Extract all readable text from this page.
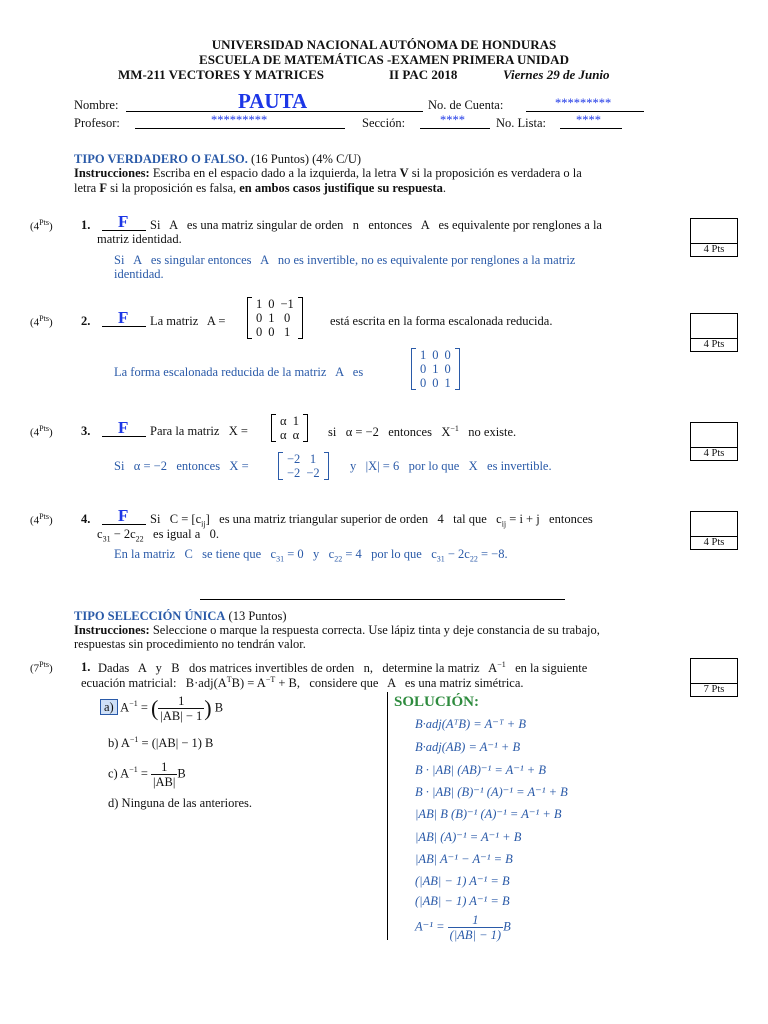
UNIVERSIDAD NACIONAL AUTÓNOMA DE HONDURAS
ESCUELA DE MATEMÁTICAS -EXAMEN PRIMERA UNIDAD
MM-211 VECTORES Y MATRICES	II PAC 2018	Viernes 29 de Junio
Nombre:	PAUTA	No. de Cuenta:	*********
Profesor:	*********	Sección:	**** No. Lista: ****
TIPO VERDADERO O FALSO. (16 Puntos) (4% C/U)
Instrucciones: Escriba en el espacio dado a la izquierda, la letra V si la proposición es verdadera o la
letra F si la proposición es falsa, en ambos casos justifique su respuesta.
$(4^{Pts})$ 1. F Si   A   es una matriz singular de orden   n   entonces   A   es equivalente por renglones a la
matriz identidad.
Si   A   es singular entonces   A   no es invertible, no es equivalente por renglones a la matriz
identidad.
4 Pts
$(4^{Pts})$ 2. F La matriz   A =
1	0	−1
0	1	0
0	0	1
está escrita en la forma escalonada reducida.
La forma escalonada reducida de la matriz   A   es
1	0	0
0	1	0
0	0	1
4 Pts
$(4^{Pts})$ 3. F Para la matriz   X =
α	1
α	α si   α = −2   entonces   $X^{-1}$ no existe.
Si   α = −2   entonces   X =	−2	1
−2	−2 y   |X| = 6   por lo que   X   es invertible.
4 Pts
$(4^{Pts})$ 4. F Si   $C = [c_{ij}]$   es una matriz triangular superior de orden   4   tal que   $c_{ij} = i + j$   entonces
$c_{31} - 2c_{22}$   es igual a   0.
En la matriz   C   se tiene que   $c_{31} = 0$   y   $c_{22} = 4$   por lo que   $c_{31} - 2c_{22} = -8$.
4 Pts
TIPO SELECCIÓN ÚNICA (13 Puntos)
Instrucciones: Seleccione o marque la respuesta correcta. Use lápiz tinta y deje constancia de su trabajo,
respuestas sin procedimiento no tendrán valor.
$(7^{Pts})$ 1. Dadas   A   y   B   dos matrices invertibles de orden   n,   determine la matriz   $A^{-1}$   en la siguiente
ecuación matricial:   $B\cdot adj(A^TB) = A^{-T} + B$,   considere que   A   es una matriz simétrica.	7 Pts
a) $A^{-1}$ = ( $\frac{1}{|AB| - 1}$ ) B
b) $A^{-1} = (|AB| - 1)$ B
c) $A^{-1} = \frac{1}{|AB|}$ B
d) Ninguna de las anteriores.
SOLUCIÓN:
B·adj(AᵀB) = A⁻ᵀ + B
B·adj(AB) = A⁻¹ + B
B · |AB| (AB)⁻¹ = A⁻¹ + B
B · |AB| (B)⁻¹ (A)⁻¹ = A⁻¹ + B
|AB| B (B)⁻¹ (A)⁻¹ = A⁻¹ + B
|AB| (A)⁻¹ = A⁻¹ + B
|AB| A⁻¹ − A⁻¹ = B
(|AB| − 1) A⁻¹ = B
(|AB| − 1) A⁻¹ = B
$A^{-1} = \frac{1}{(|AB| - 1)}$ B
